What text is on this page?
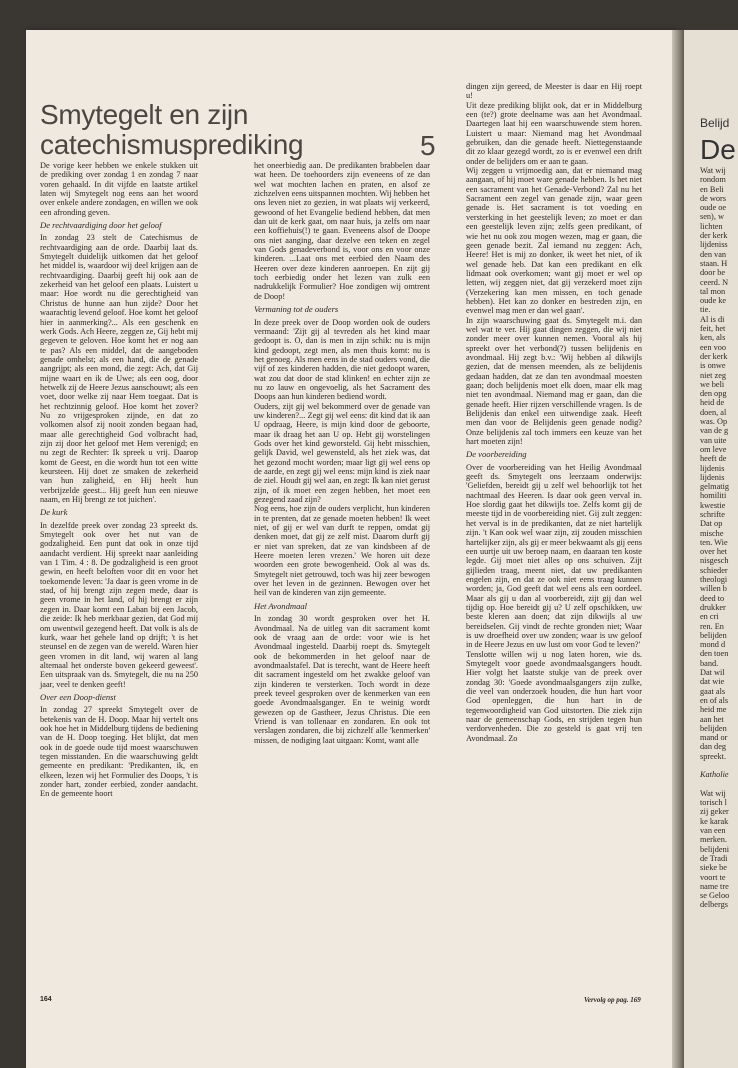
Smytegelt en zijn
catechismusprediking	5

De vorige keer hebben we enkele stukken uit de prediking over zondag 1 en zondag 7 naar voren gehaald. In dit vijfde en laatste artikel laten wij Smytegelt nog eens aan het woord over enkele andere zondagen, en willen we ook een afronding geven.

De rechtvaardiging door het geloof

In zondag 23 stelt de Catechismus de rechtvaardiging aan de orde. Daarbij laat ds. Smytegelt duidelijk uitkomen dat het geloof het middel is, waardoor wij deel krijgen aan de rechtvaardiging. Daarbij geeft hij ook aan de zekerheid van het geloof een plaats. Luistert u maar: Hoe wordt nu die gerechtigheid van Christus de hunne aan hun zijde? Door het waarachtig levend geloof. Hoe komt het geloof hier in aanmerking?... Als een geschenk en werk Gods. Ach Heere, zeggen ze, Gij hebt mij gegeven te geloven. Hoe komt het er nog aan te pas? Als een middel, dat de aangeboden genade omhelst; als een hand, die de genade aangrijpt; als een mond, die zegt: Ach, dat Gij mijne waart en ik de Uwe; als een oog, door hetwelk zij de Heere Jezus aanschouwt; als een voet, door welke zij naar Hem toegaat. Dat is het rechtzinnig geloof. Hoe komt het zover? Nu zo vrijgesproken zijnde, en dat zo volkomen alsof zij nooit zonden begaan had, maar alle gerechtigheid God volbracht had, zijn zij door het geloof met Hem verenigd; en nu zegt de Rechter: Ik spreek u vrij. Daarop komt de Geest, en die wordt hun tot een witte keursteen. Hij doet ze smaken de zekerheid van hun zaligheid, en Hij heelt hun verbrijzelde geest... Hij geeft hun een nieuwe naam, en Hij brengt ze tot juichen'.

De kurk

In dezelfde preek over zondag 23 spreekt ds. Smytegelt ook over het nut van de godzaligheid. Een punt dat ook in onze tijd aandacht verdient. Hij spreekt naar aanleiding van 1 Tim. 4 : 8. De godzaligheid is een groot gewin, en heeft beloften voor dit en voor het toekomende leven: 'Ja daar is geen vrome in de stad, of hij brengt zijn zegen mede, daar is geen vrome in het land, of hij brengt er zijn zegen in. Daar komt een Laban bij een Jacob, die zeide: Ik heb merkbaar gezien, dat God mij om uwentwil gezegend heeft. Dat volk is als de kurk, waar het gehele land op drijft; 't is het steunsel en de zegen van de wereld. Waren hier geen vromen in dit land, wij waren al lang altemaal het onderste boven gekeerd geweest'. Een uitspraak van ds. Smytegelt, die nu na 250 jaar, veel te denken geeft!

Over een Doop-dienst

In zondag 27 spreekt Smytegelt over de betekenis van de H. Doop. Maar hij vertelt ons ook hoe het in Middelburg tijdens de bediening van de H. Doop toeging. Het blijkt, dat men ook in de goede oude tijd moest waarschuwen tegen misstanden. En die waarschuwing geldt gemeente en predikant: 'Predikanten, ik, en elkeen, lezen wij het Formulier des Doops, 't is zonder hart, zonder eerbied, zonder aandacht. En de gemeente hoort

het oneerbiedig aan. De predikanten brabbelen daar wat heen. De toehoorders zijn eveneens of ze dan wel wat mochten lachen en praten, en alsof ze zichzelven eens uitspannen mochten. Wij hebben het ons leven niet zo gezien, in wat plaats wij verkeerd, gewoond of het Evangelie bediend hebben, dat men dan uit de kerk gaat, om naar huis, ja zelfs om naar een koffiehuis(!) te gaan. Eveneens alsof de Doope ons niet aanging, daar dezelve een teken en zegel van Gods genadeverbond is, voor ons en voor onze kinderen. ...Laat ons met eerbied den Naam des Heeren over deze kinderen aanroepen. En zijt gij toch eerbiedig onder het lezen van zulk een nadrukkelijk Formulier? Hoe zondigen wij omtrent de Doop!

Vermaning tot de ouders

In deze preek over de Doop worden ook de ouders vermaand: 'Zijt gij al tevreden als het kind maar gedoopt is. O, dan is men in zijn schik: nu is mijn kind gedoopt, zegt men, als men thuis komt: nu is het genoeg. Als men eens in de stad ouders vond, die vijf of zes kinderen hadden, die niet gedoopt waren, wat zou dat door de stad klinken! en echter zijn ze nu zo lauw en ongevoelig, als het Sacrament des Doops aan hun kinderen bediend wordt.

Ouders, zijt gij wel bekommerd over de genade van uw kinderen?... Zegt gij wel eens: dit kind dat ik aan U opdraag, Heere, is mijn kind door de geboorte, maar ik draag het aan U op. Hebt gij worstelingen Gods over het kind geworsteld. Gij hebt misschien, gelijk David, wel gewensteld, als het ziek was, dat het gezond mocht worden; maar ligt gij wel eens op de aarde, en zegt gij wel eens: mijn kind is ziek naar de ziel. Houdt gij wel aan, en zegt: Ik kan niet gerust zijn, of ik moet een zegen hebben, het moet een gezegend zaad zijn?

Nog eens, hoe zijn de ouders verplicht, hun kinderen in te prenten, dat ze genade moeten hebben! Ik weet niet, of gij er wel van durft te reppen, omdat gij denken moet, dat gij ze zelf mist. Daarom durft gij er niet van spreken, dat ze van kindsbeen af de Heere moeten leren vrezen.' We horen uit deze woorden een grote bewogenheid. Ook al was ds. Smytegelt niet getrouwd, toch was hij zeer bewogen over het leven in de gezinnen. Bewogen over het heil van de kinderen van zijn gemeente.

Het Avondmaal

In zondag 30 wordt gesproken over het H. Avondmaal. Na de uitleg van dit sacrament komt ook de vraag aan de orde: voor wie is het Avondmaal ingesteld. Daarbij roept ds. Smytegelt ook de bekommerden in het geloof naar de avondmaalstafel. Dat is terecht, want de Heere heeft dit sacrament ingesteld om het zwakke geloof van zijn kinderen te versterken. Toch wordt in deze preek teveel gesproken over de kenmerken van een goede Avondmaalsganger. En te weinig wordt gewezen op de Gastheer, Jezus Christus. Die een Vriend is van tollenaar en zondaren. En ook tot verslagen zondaren, die bij zichzelf alle 'kenmerken' missen, de nodiging laat uitgaan: Komt, want alle

dingen zijn gereed, de Meester is daar en Hij roept u!

Uit deze prediking blijkt ook, dat er in Middelburg een (te?) grote deelname was aan het Avondmaal. Daartegen laat hij een waarschuwende stem horen. Luistert u maar: Niemand mag het Avondmaal gebruiken, dan die genade heeft. Niettegenstaande dit zo klaar gezegd wordt, zo is er evenwel een drift onder de belijders om er aan te gaan.

Wij zeggen u vrijmoedig aan, dat er niemand mag aangaan, of hij moet ware genade hebben. Is het niet een sacrament van het Genade-Verbond? Zal nu het Sacrament een zegel van genade zijn, waar geen genade is. Het sacrament is tot voeding en versterking in het geestelijk leven; zo moet er dan een geestelijk leven zijn; zelfs geen predikant, of wie het nu ook zou mogen wezen, mag er gaan, die geen genade bezit. Zal iemand nu zeggen: Ach, Heere! Het is mij zo donker, ik weet het niet, of ik wel genade heb. Dat kan een predikant en elk lidmaat ook overkomen; want gij moet er wel op letten, wij zeggen niet, dat gij verzekerd moet zijn (Verzekering kan men missen, en toch genade hebben). Het kan zo donker en bestreden zijn, en evenwel mag men er dan wel gaan'.

In zijn waarschuwing gaat ds. Smytegelt m.i. dan wel wat te ver. Hij gaat dingen zeggen, die wij niet zonder meer over kunnen nemen. Vooral als hij spreekt over het verbond(?) tussen belijdenis en avondmaal. Hij zegt b.v.: 'Wij hebben al dikwijls gezien, dat de mensen meenden, als ze belijdenis gedaan hadden, dat ze dan ten avondmaal moesten gaan; doch belijdenis moet elk doen, maar elk mag niet ten avondmaal. Niemand mag er gaan, dan die genade heeft. Hier rijzen verschillende vragen. Is de Belijdenis dan enkel een uitwendige zaak. Heeft men dan voor de Belijdenis geen genade nodig? Onze belijdenis zal toch immers een keuze van het hart moeten zijn!

De voorbereiding

Over de voorbereiding van het Heilig Avondmaal geeft ds. Smytegelt ons leerzaam onderwijs: 'Geliefden, bereidt gij u zelf wel behoorlijk tot het nachtmaal des Heeren. Is daar ook geen verval in. Hoe slordig gaat het dikwijls toe. Zelfs komt gij de meeste tijd in de voorbereiding niet. Gij zult zeggen: het verval is in de predikanten, dat ze niet hartelijk zijn. 't Kan ook wel waar zijn, zij zouden misschien hartelijker zijn, als gij er meer bekwaamt als gij eens een uurtje uit uw beroep naam, en daaraan ten koste legde. Gij moet niet alles op ons schuiven. Zijt gijlieden traag, meent niet, dat uw predikanten engelen zijn, en dat ze ook niet eens traag kunnen worden; ja, God geeft dat wel eens als een oordeel. Maar als gij u dan al voorbereidt, zijt gij dan wel tijdig op. Hoe bereidt gij u? U zelf opschikken, uw beste kleren aan doen; dat zijn dikwijls al uw bereidselen. Gij vindt de rechte gronden niet; Waar is uw droefheid over uw zonden; waar is uw geloof in de Heere Jezus en uw lust om voor God te leven?'

Tenslotte willen wij u nog laten horen, wie ds. Smytegelt voor goede avondmaalsgangers houdt. Hier volgt het laatste stukje van de preek over zondag 30: 'Goede avondmaalsgangers zijn zulke, die veel van onderzoek houden, die hun hart voor God openleggen, die hun hart in de tegenwoordigheid van God uitstorten. Die ziek zijn naar de gemeenschap Gods, en strijden tegen hun verdorvenheden. Die zo gesteld is gaat vrij ten Avondmaal. Zo

164	Vervolg op pag. 169
Belijd
De
Wat wij
rondom
en Beli
de wors
oude oe
sen), w
lichten
der kerk
lijdeniss
den van
staan. H
door be
ceerd. N
tal mon
oude ke
tie.
Al is di
feit, het
ken, als
een voo
der kerk
is onwe
niet zeg
we beli
den opg
heid de
doen, al
was. Op
van de g
van uite
om leve
heeft de
lijdenis
lijdenis
gelmatig
homiliti
kwestie
schrifte
Dat op
mische
ten. Wie
over het
nisgesch
schieder
theologi
willen b
deed to
drukker
en cri
ren. En
belijden
mond d
den toen
band.
Dat wil
dat wie
gaat als
en of als
heid me
aan het
belijden
mand or
dan deg
spreekt.
Katholie
Wat wij
torisch l
zij geker
ke karak
van een
merken.
belijdeni
de Tradi
sieke be
voort te
name tre
se Geloo
delbergs
